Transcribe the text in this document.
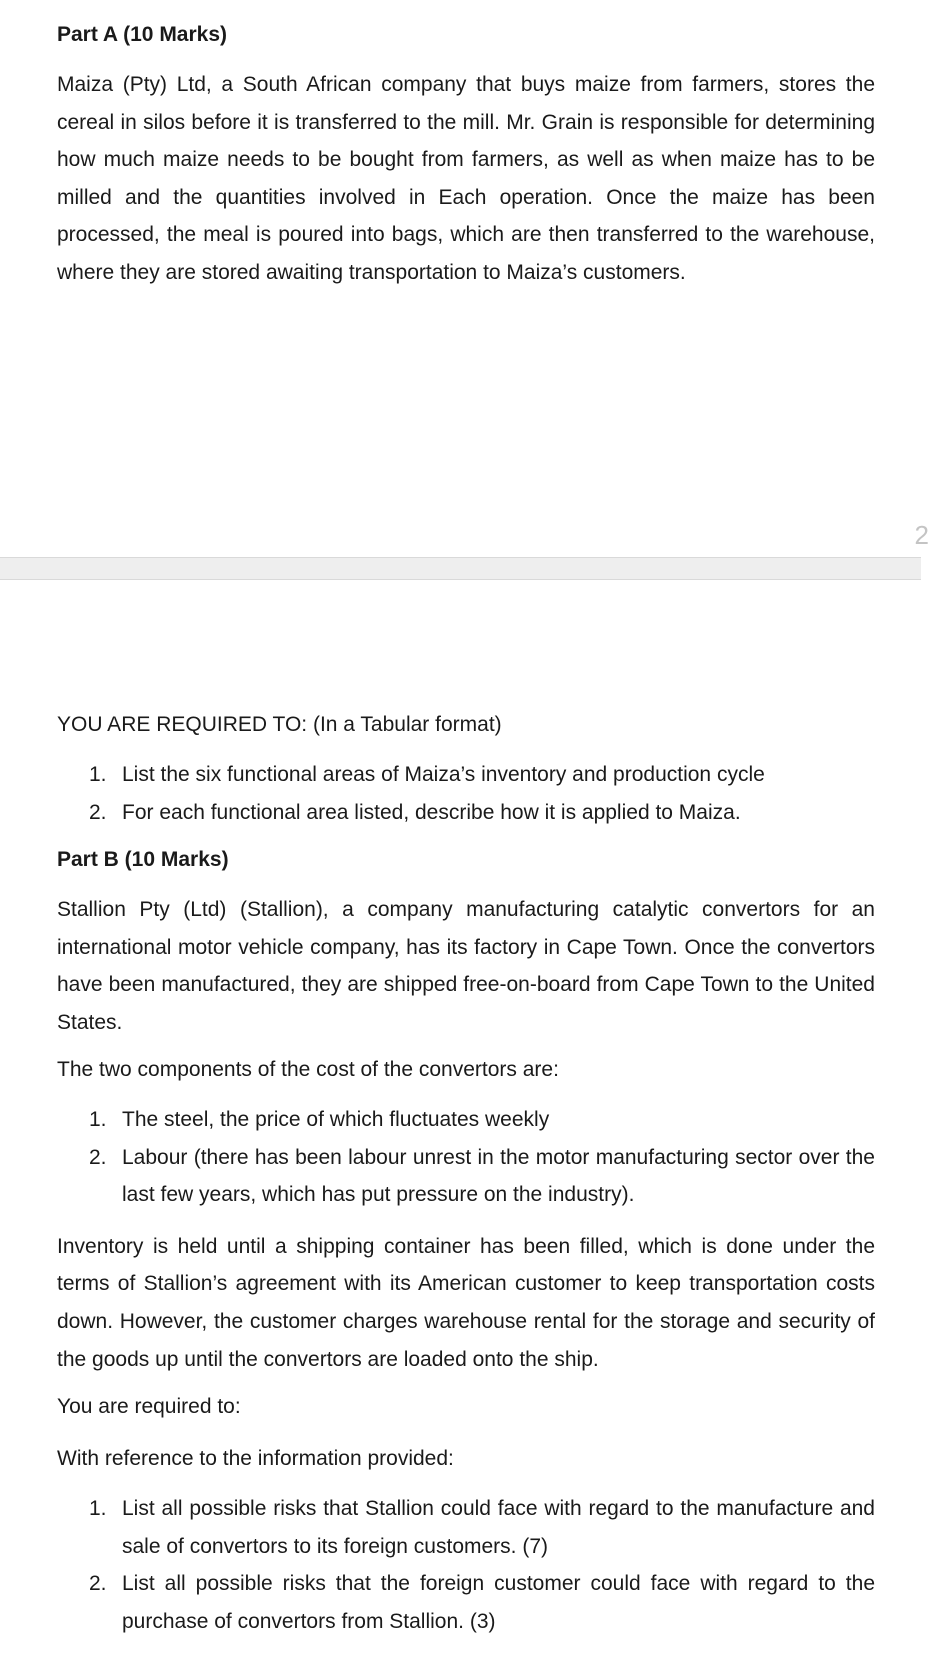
Part A (10 Marks)

Maiza (Pty) Ltd, a South African company that buys maize from farmers, stores the cereal in silos before it is transferred to the mill. Mr. Grain is responsible for determining how much maize needs to be bought from farmers, as well as when maize has to be milled and the quantities involved in Each operation. Once the maize has been processed, the meal is poured into bags, which are then transferred to the warehouse, where they are stored awaiting transportation to Maiza’s customers.

2

YOU ARE REQUIRED TO: (In a Tabular format)

1. List the six functional areas of Maiza’s inventory and production cycle
2. For each functional area listed, describe how it is applied to Maiza.

Part B (10 Marks)

Stallion Pty (Ltd) (Stallion), a company manufacturing catalytic convertors for an international motor vehicle company, has its factory in Cape Town. Once the convertors have been manufactured, they are shipped free-on-board from Cape Town to the United States.

The two components of the cost of the convertors are:

1. The steel, the price of which fluctuates weekly
2. Labour (there has been labour unrest in the motor manufacturing sector over the last few years, which has put pressure on the industry).

Inventory is held until a shipping container has been filled, which is done under the terms of Stallion’s agreement with its American customer to keep transportation costs down. However, the customer charges warehouse rental for the storage and security of the goods up until the convertors are loaded onto the ship.

You are required to:

With reference to the information provided:

1. List all possible risks that Stallion could face with regard to the manufacture and sale of convertors to its foreign customers. (7)
2. List all possible risks that the foreign customer could face with regard to the purchase of convertors from Stallion. (3)
